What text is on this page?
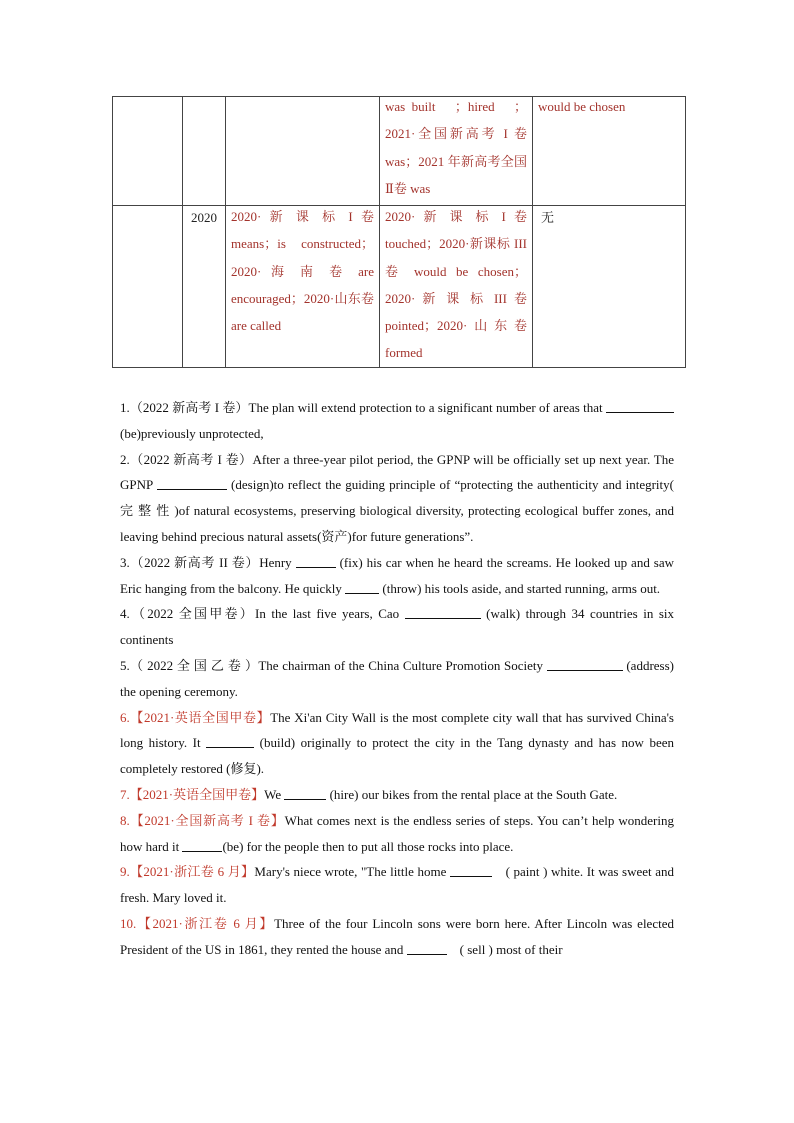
			was built　；hired　；2021·全国新高考 I 卷 was；2021 年新高考全国Ⅱ卷 was	would be chosen

	2020	2020· 新 课 标 I 卷 means；is constructed；2020· 海 南 卷 are encouraged；2020·山东卷 are called	2020· 新 课 标 I 卷 touched；2020·新课标 III 卷 would be chosen；2020· 新 课 标 III 卷 pointed；2020·山东卷 formed	无

1.（2022 新高考 I 卷）The plan will extend protection to a significant number of areas that  (be)previously unprotected,

2.（2022 新高考 I 卷）After a three-year pilot period, the GPNP will be officially set up next year. The GPNP	(design)to reflect the guiding principle of “protecting the authenticity and integrity( 完 整 性 )of natural ecosystems, preserving biological diversity, protecting ecological buffer zones, and leaving behind precious natural assets(资产)for future generations”.

3.（2022 新高考 II 卷）Henry	(fix) his car when he heard the screams. He looked up and saw Eric hanging from the balcony. He quickly	(throw) his tools aside, and started running, arms out.

4.（2022 全国甲卷）In the last five years, Cao	(walk) through 34 countries in six continents

5.（ 2022 全 国 乙 卷 ）The chairman of the China Culture Promotion Society	(address) the opening ceremony.

6.【2021·英语全国甲卷】The Xi'an City Wall is the most complete city wall that has survived China's long history. It	(build) originally to protect the city in the Tang dynasty and has now been completely restored (修复).

7.【2021·英语全国甲卷】We	(hire) our bikes from the rental place at the South Gate.

8.【2021·全国新高考 I 卷】What comes next is the endless series of steps. You can’t help wondering how hard it	(be) for the people then to put all those rocks into place.

9.【2021·浙江卷 6 月】Mary's niece wrote, "The little home	　( paint ) white. It was sweet and fresh. Mary loved it.

10.【2021·浙江卷 6 月】Three of the four Lincoln sons were born here. After Lincoln was elected President of the US in 1861, they rented the house and	　( sell ) most of their
